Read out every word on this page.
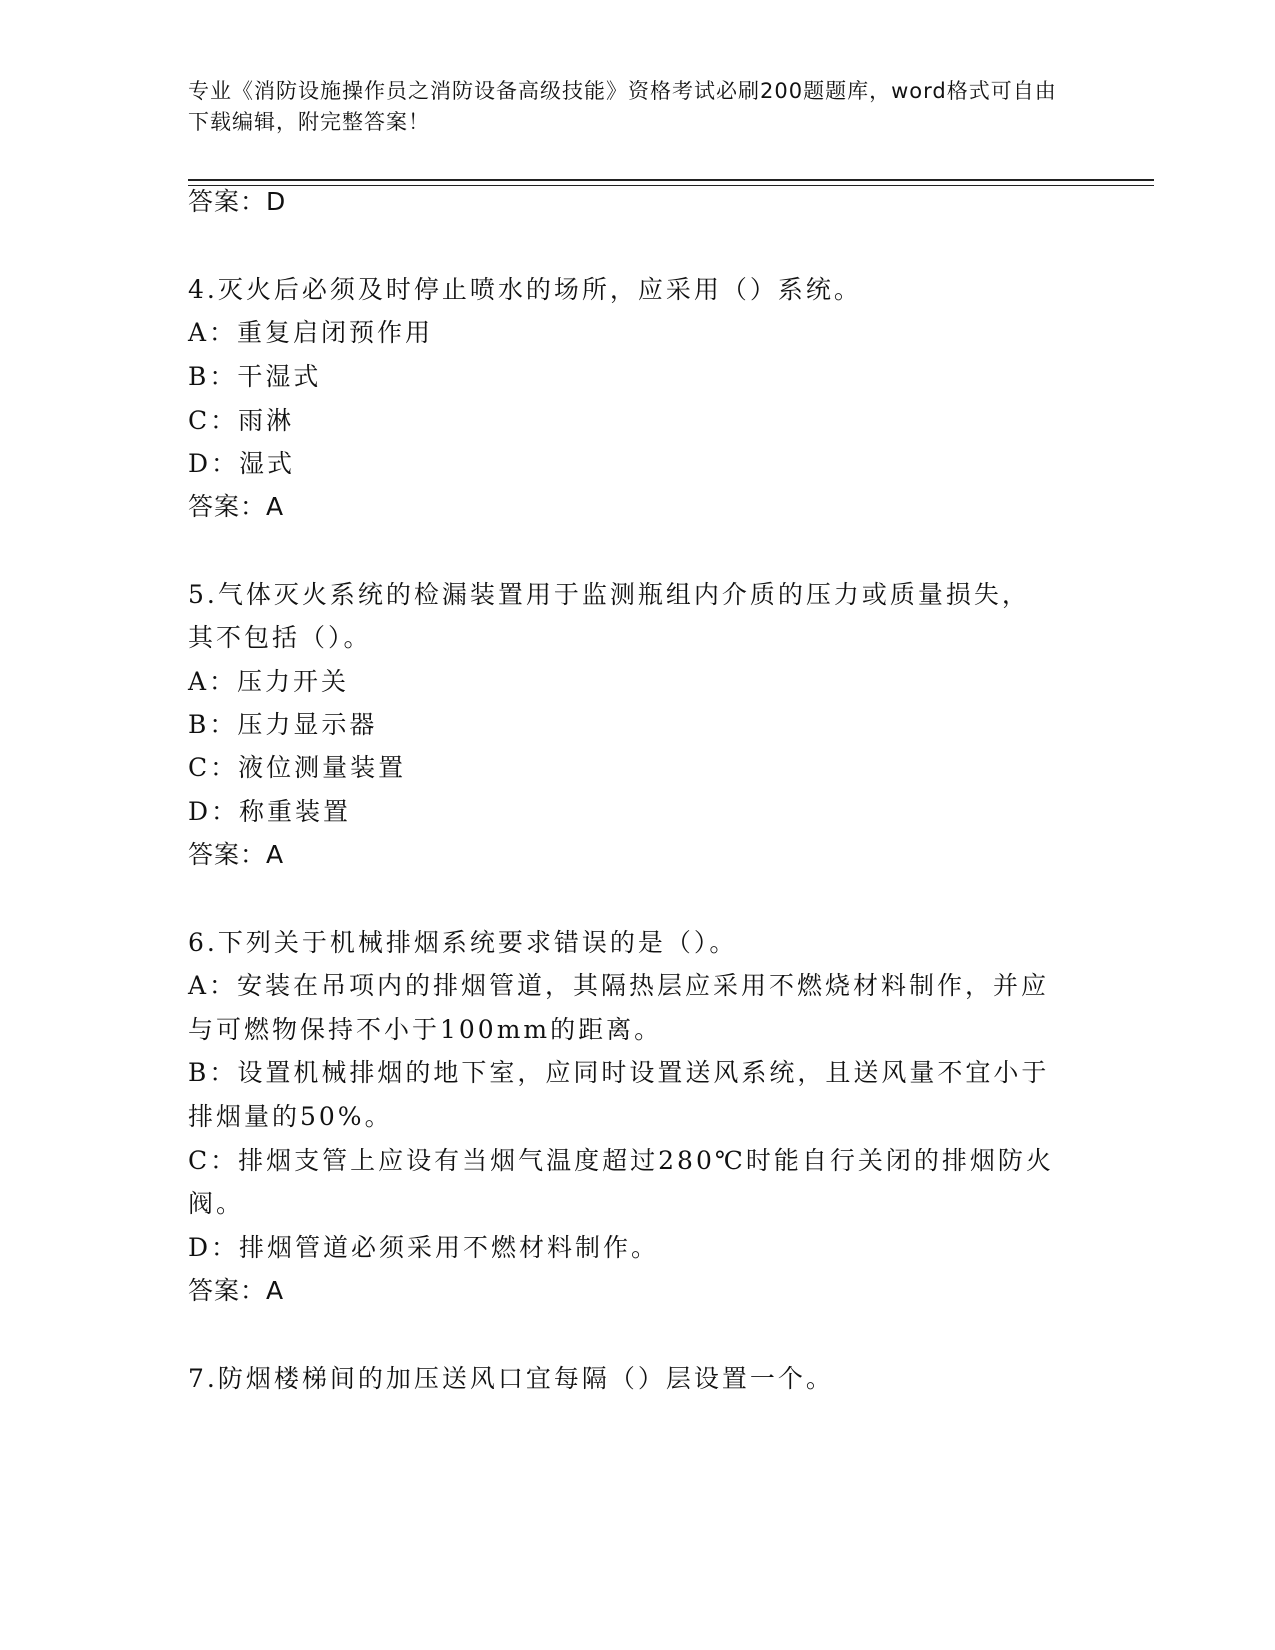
专业《消防设施操作员之消防设备高级技能》资格考试必刷200题题库，word格式可自由下载编辑，附完整答案！
答案：D
4.灭火后必须及时停止喷水的场所，应采用（）系统。
A：重复启闭预作用
B：干湿式
C：雨淋
D：湿式
答案：A
5.气体灭火系统的检漏装置用于监测瓶组内介质的压力或质量损失，
其不包括（）。
A：压力开关
B：压力显示器
C：液位测量装置
D：称重装置
答案：A
6.下列关于机械排烟系统要求错误的是（）。
A：安装在吊项内的排烟管道，其隔热层应采用不燃烧材料制作，并应
与可燃物保持不小于100mm的距离。
B：设置机械排烟的地下室，应同时设置送风系统，且送风量不宜小于
排烟量的50%。
C：排烟支管上应设有当烟气温度超过280℃时能自行关闭的排烟防火
阀。
D：排烟管道必须采用不燃材料制作。
答案：A
7.防烟楼梯间的加压送风口宜每隔（）层设置一个。
